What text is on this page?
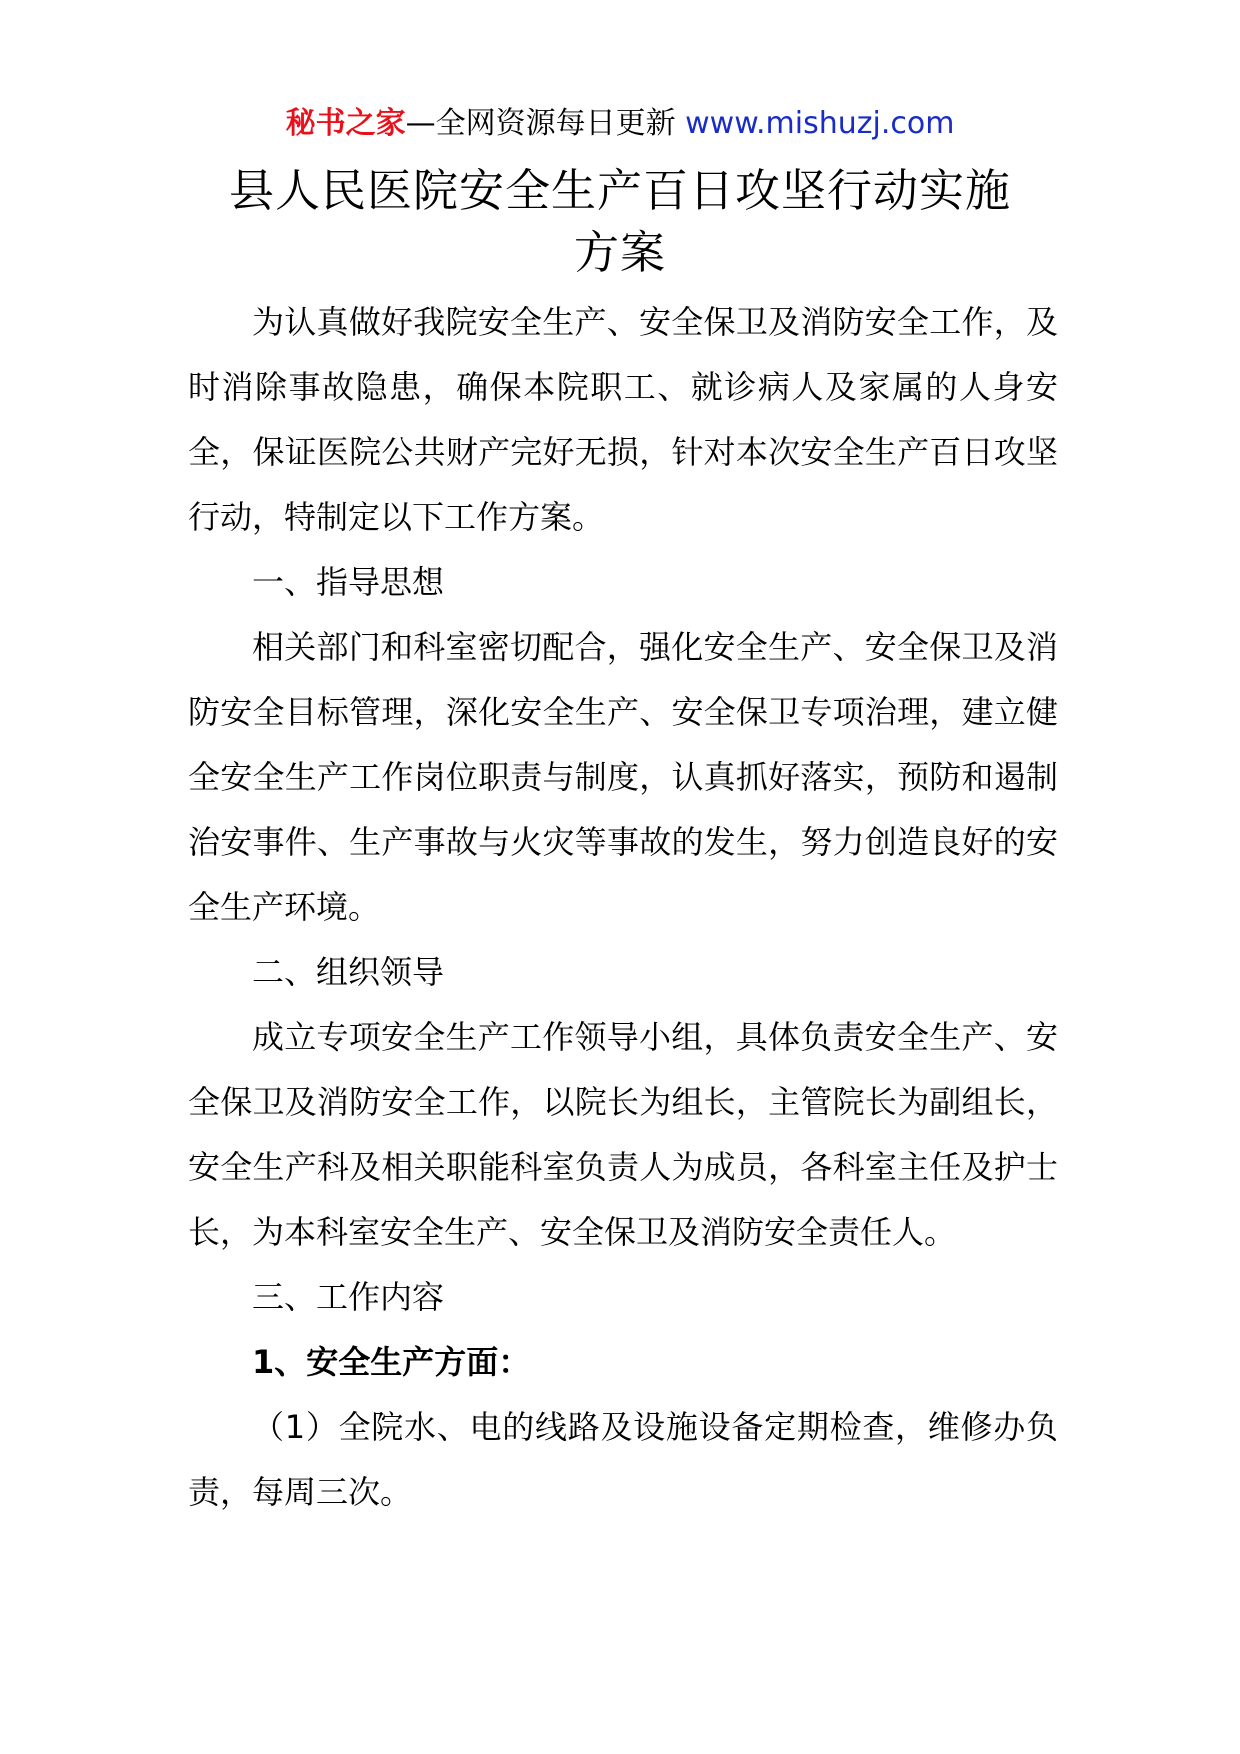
秘书之家—全网资源每日更新 www.mishuzj.com
县人民医院安全生产百日攻坚行动实施
方案

为认真做好我院安全生产、安全保卫及消防安全工作，及时消除事故隐患，确保本院职工、就诊病人及家属的人身安全，保证医院公共财产完好无损，针对本次安全生产百日攻坚行动，特制定以下工作方案。

一、指导思想

相关部门和科室密切配合，强化安全生产、安全保卫及消防安全目标管理，深化安全生产、安全保卫专项治理，建立健全安全生产工作岗位职责与制度，认真抓好落实，预防和遏制治安事件、生产事故与火灾等事故的发生，努力创造良好的安全生产环境。

二、组织领导

成立专项安全生产工作领导小组，具体负责安全生产、安全保卫及消防安全工作，以院长为组长，主管院长为副组长，安全生产科及相关职能科室负责人为成员，各科室主任及护士长，为本科室安全生产、安全保卫及消防安全责任人。

三、工作内容

1、安全生产方面：

（1）全院水、电的线路及设施设备定期检查，维修办负责，每周三次。
